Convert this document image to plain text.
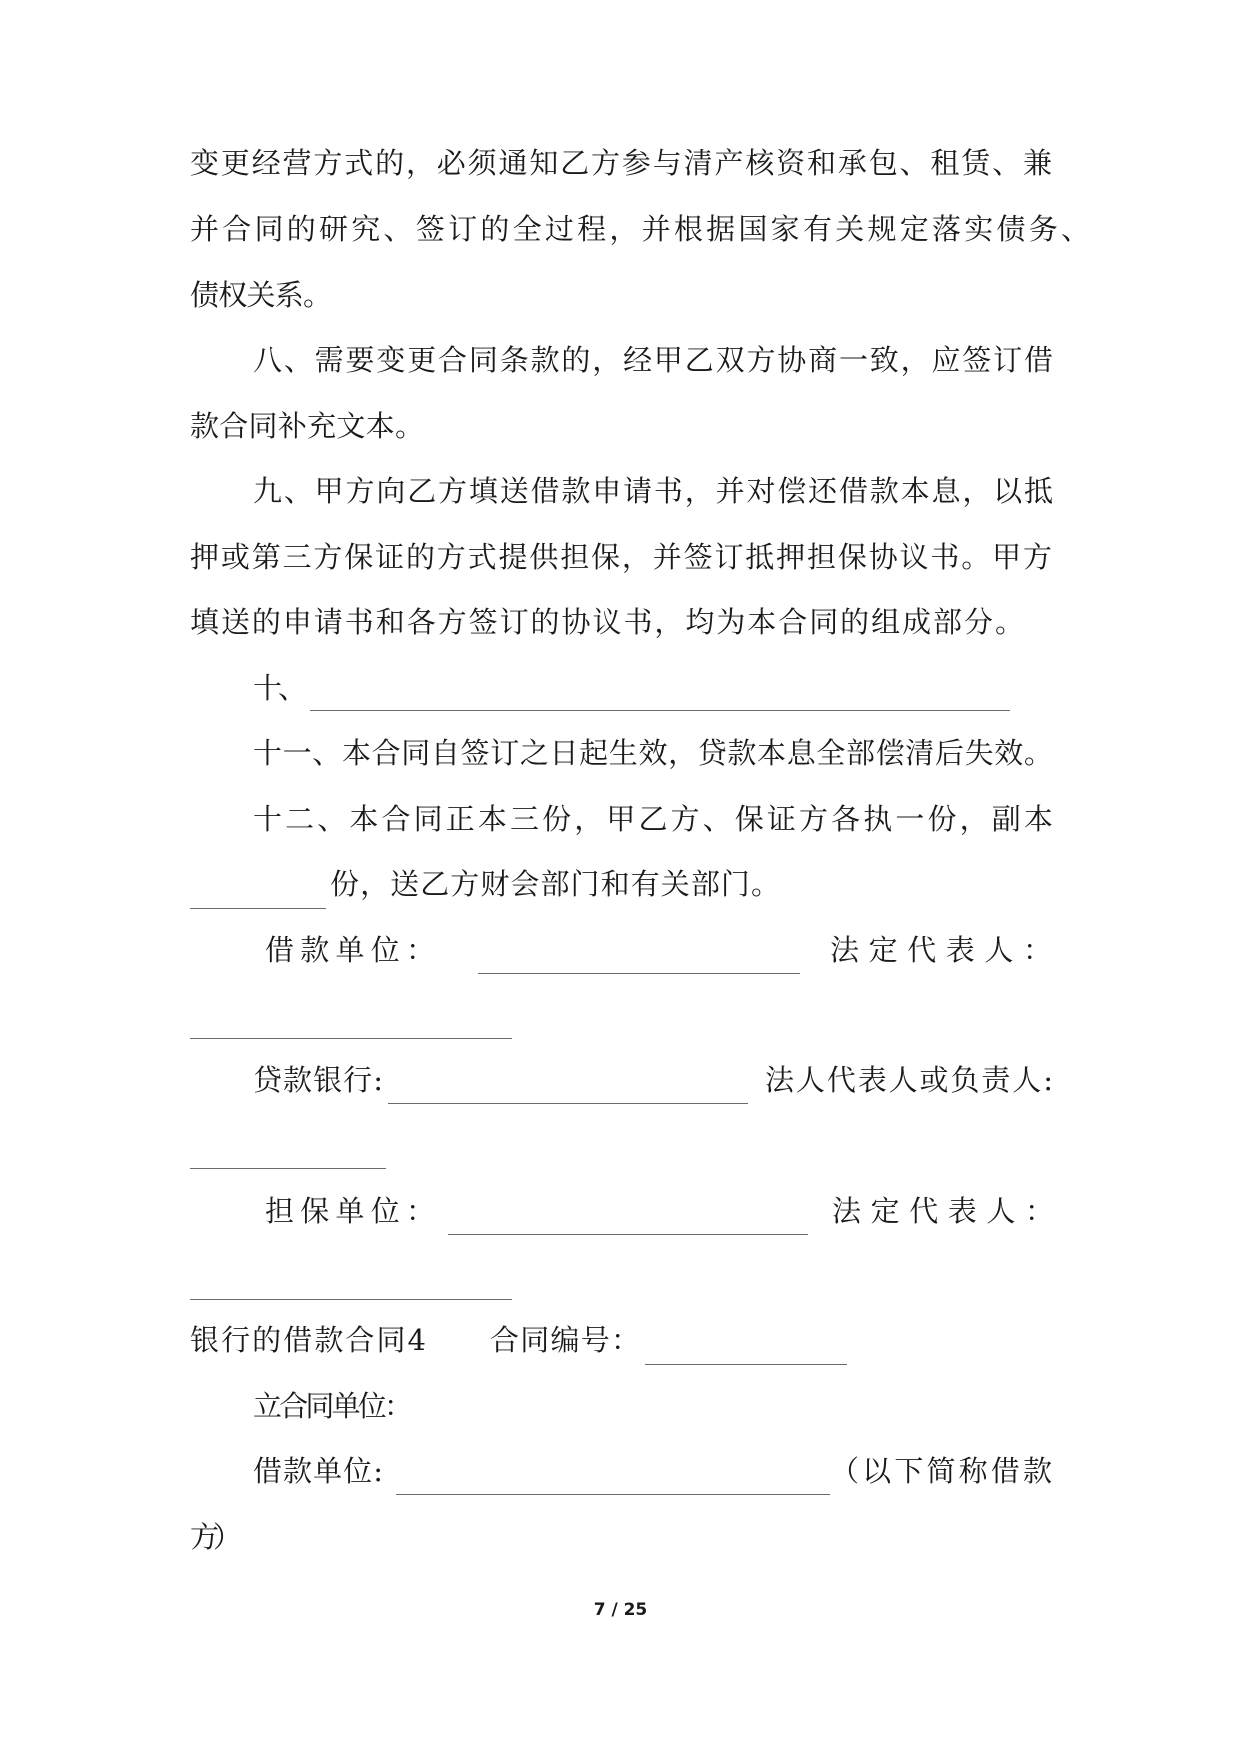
变更经营方式的，必须通知乙方参与清产核资和承包、租赁、兼
并合同的研究、签订的全过程，并根据国家有关规定落实债务、
债权关系。
八、需要变更合同条款的，经甲乙双方协商一致，应签订借
款合同补充文本。
九、甲方向乙方填送借款申请书，并对偿还借款本息，以抵
押或第三方保证的方式提供担保，并签订抵押担保协议书。甲方
填送的申请书和各方签订的协议书，均为本合同的组成部分。
十、
十一、本合同自签订之日起生效，贷款本息全部偿清后失效。
十二、本合同正本三份，甲乙方、保证方各执一份，副本
份，送乙方财会部门和有关部门。
借款单位：	法定代表人：
贷款银行:	法人代表人或负责人:
担保单位：	法定代表人：
银行的借款合同4 合同编号：
立合同单位：
借款单位:	（以下简称借款
方）
7 / 25
